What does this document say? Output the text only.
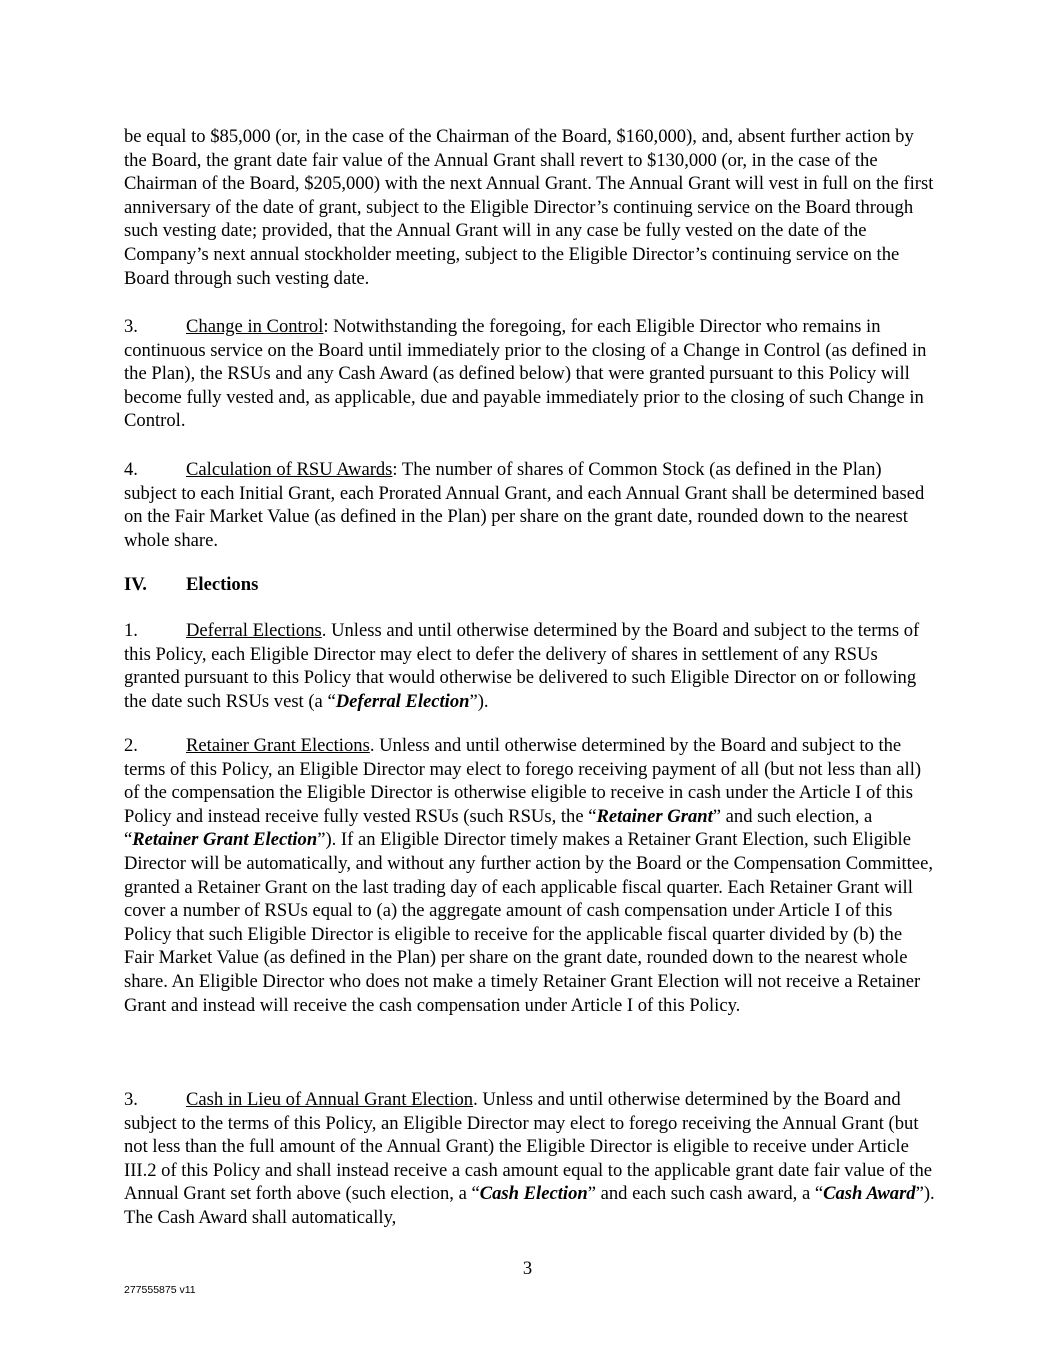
be equal to $85,000 (or, in the case of the Chairman of the Board, $160,000), and, absent further action by the Board, the grant date fair value of the Annual Grant shall revert to $130,000 (or, in the case of the Chairman of the Board, $205,000) with the next Annual Grant. The Annual Grant will vest in full on the first anniversary of the date of grant, subject to the Eligible Director’s continuing service on the Board through such vesting date; provided, that the Annual Grant will in any case be fully vested on the date of the Company’s next annual stockholder meeting, subject to the Eligible Director’s continuing service on the Board through such vesting date.

3.	Change in Control: Notwithstanding the foregoing, for each Eligible Director who remains in continuous service on the Board until immediately prior to the closing of a Change in Control (as defined in the Plan), the RSUs and any Cash Award (as defined below) that were granted pursuant to this Policy will become fully vested and, as applicable, due and payable immediately prior to the closing of such Change in Control.

4.	Calculation of RSU Awards: The number of shares of Common Stock (as defined in the Plan) subject to each Initial Grant, each Prorated Annual Grant, and each Annual Grant shall be determined based on the Fair Market Value (as defined in the Plan) per share on the grant date, rounded down to the nearest whole share.

IV. Elections

1.	Deferral Elections. Unless and until otherwise determined by the Board and subject to the terms of this Policy, each Eligible Director may elect to defer the delivery of shares in settlement of any RSUs granted pursuant to this Policy that would otherwise be delivered to such Eligible Director on or following the date such RSUs vest (a “Deferral Election”).

2.	Retainer Grant Elections. Unless and until otherwise determined by the Board and subject to the terms of this Policy, an Eligible Director may elect to forego receiving payment of all (but not less than all) of the compensation the Eligible Director is otherwise eligible to receive in cash under the Article I of this Policy and instead receive fully vested RSUs (such RSUs, the “Retainer Grant” and such election, a “Retainer Grant Election”). If an Eligible Director timely makes a Retainer Grant Election, such Eligible Director will be automatically, and without any further action by the Board or the Compensation Committee, granted a Retainer Grant on the last trading day of each applicable fiscal quarter. Each Retainer Grant will cover a number of RSUs equal to (a) the aggregate amount of cash compensation under Article I of this Policy that such Eligible Director is eligible to receive for the applicable fiscal quarter divided by (b) the Fair Market Value (as defined in the Plan) per share on the grant date, rounded down to the nearest whole share. An Eligible Director who does not make a timely Retainer Grant Election will not receive a Retainer Grant and instead will receive the cash compensation under Article I of this Policy.

3.	Cash in Lieu of Annual Grant Election. Unless and until otherwise determined by the Board and subject to the terms of this Policy, an Eligible Director may elect to forego receiving the Annual Grant (but not less than the full amount of the Annual Grant) the Eligible Director is eligible to receive under Article III.2 of this Policy and shall instead receive a cash amount equal to the applicable grant date fair value of the Annual Grant set forth above (such election, a “Cash Election” and each such cash award, a “Cash Award”). The Cash Award shall automatically,

3
277555875 v11
